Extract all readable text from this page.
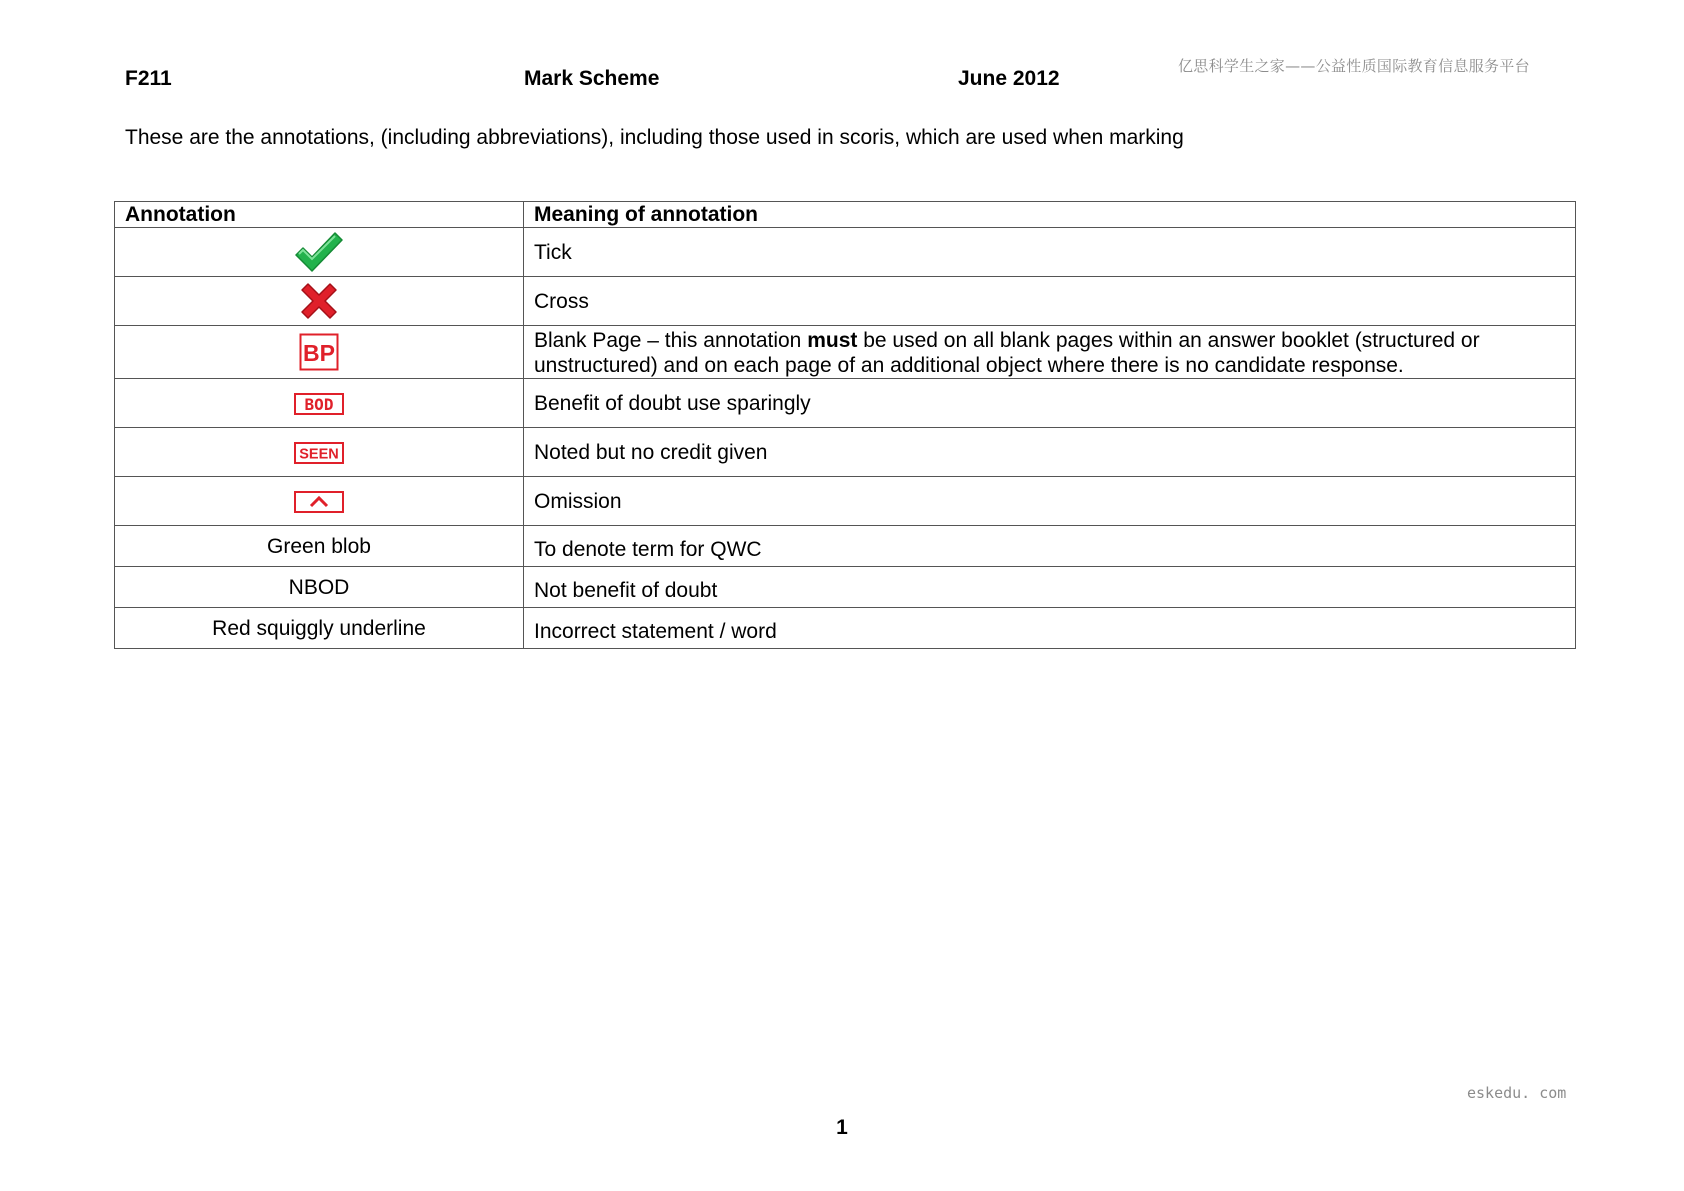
亿思科学生之家——公益性质国际教育信息服务平台
F211	Mark Scheme	June 2012
These are the annotations, (including abbreviations), including those used in scoris, which are used when marking
Annotation	Meaning of annotation
	Tick
	Cross

BP	Blank Page – this annotation must be used on all blank pages within an answer booklet (structured or unstructured) and on each page of an additional object where there is no candidate response.

BOD	Benefit of doubt use sparingly

SEEN	Noted but no credit given
	Omission
Green blob	To denote term for QWC
NBOD	Not benefit of doubt
Red squiggly underline	Incorrect statement / word
eskedu. com
1
